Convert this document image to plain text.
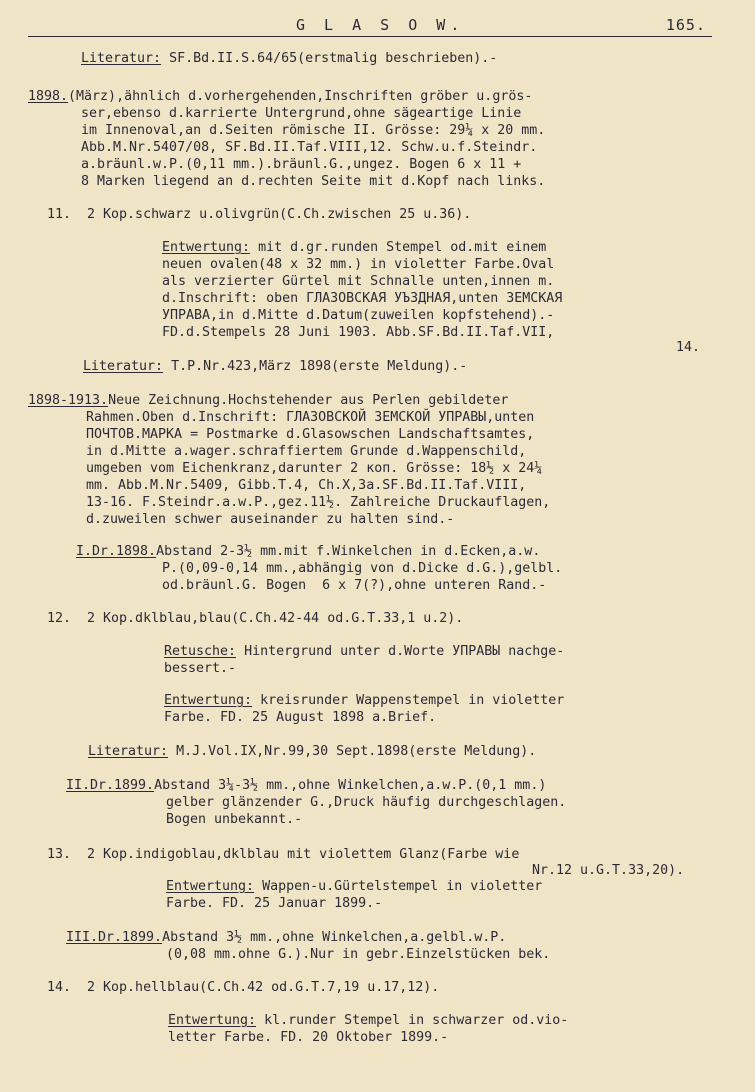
G L A S O W.	165.
Literatur: SF.Bd.II.S.64/65(erstmalig beschrieben).-
1898.(März),ähnlich d.vorhergehenden,Inschriften gröber u.grös-
ser,ebenso d.karrierte Untergrund,ohne sägeartige Linie
im Innenoval,an d.Seiten römische II. Grösse: 29¼ x 20 mm.
Abb.M.Nr.5407/08, SF.Bd.II.Taf.VIII,12. Schw.u.f.Steindr.
a.bräunl.w.P.(0,11 mm.).bräunl.G.,ungez. Bogen 6 x 11 +
8 Marken liegend an d.rechten Seite mit d.Kopf nach links.
11.  2 Kop.schwarz u.olivgrün(C.Ch.zwischen 25 u.36).
Entwertung: mit d.gr.runden Stempel od.mit einem
neuen ovalen(48 x 32 mm.) in violetter Farbe.Oval
als verzierter Gürtel mit Schnalle unten,innen m.
d.Inschrift: oben ГЛАЗОВСКАЯ УЪЗДНАЯ,unten ЗЕМСКАЯ
УПРАВА,in d.Mitte d.Datum(zuweilen kopfstehend).-
FD.d.Stempels 28 Juni 1903. Abb.SF.Bd.II.Taf.VII,
14.
Literatur: T.P.Nr.423,März 1898(erste Meldung).-
1898-1913.Neue Zeichnung.Hochstehender aus Perlen gebildeter
Rahmen.Oben d.Inschrift: ГЛАЗОВСКОЙ ЗЕМСКОЙ УПРАВЫ,unten
ПОЧТОВ.МАРКА = Postmarke d.Glasowschen Landschaftsamtes,
in d.Mitte a.wager.schraffiertem Grunde d.Wappenschild,
umgeben vom Eichenkranz,darunter 2 коп. Grösse: 18½ x 24¼
mm. Abb.M.Nr.5409, Gibb.T.4, Ch.X,3a.SF.Bd.II.Taf.VIII,
13-16. F.Steindr.a.w.P.,gez.11½. Zahlreiche Druckauflagen,
d.zuweilen schwer auseinander zu halten sind.-
I.Dr.1898.Abstand 2-3½ mm.mit f.Winkelchen in d.Ecken,a.w.
P.(0,09-0,14 mm.,abhängig von d.Dicke d.G.),gelbl.
od.bräunl.G. Bogen  6 x 7(?),ohne unteren Rand.-
12.  2 Kop.dklblau,blau(C.Ch.42-44 od.G.T.33,1 u.2).
Retusche: Hintergrund unter d.Worte УПРАВЫ nachge-
bessert.-
Entwertung: kreisrunder Wappenstempel in violetter
Farbe. FD. 25 August 1898 a.Brief.
Literatur: M.J.Vol.IX,Nr.99,30 Sept.1898(erste Meldung).
II.Dr.1899.Abstand 3¼-3½ mm.,ohne Winkelchen,a.w.P.(0,1 mm.)
gelber glänzender G.,Druck häufig durchgeschlagen.
Bogen unbekannt.-
13.  2 Kop.indigoblau,dklblau mit violettem Glanz(Farbe wie
Nr.12 u.G.T.33,20).
Entwertung: Wappen-u.Gürtelstempel in violetter
Farbe. FD. 25 Januar 1899.-
III.Dr.1899.Abstand 3½ mm.,ohne Winkelchen,a.gelbl.w.P.
(0,08 mm.ohne G.).Nur in gebr.Einzelstücken bek.
14.  2 Kop.hellblau(C.Ch.42 od.G.T.7,19 u.17,12).
Entwertung: kl.runder Stempel in schwarzer od.vio-
letter Farbe. FD. 20 Oktober 1899.-
